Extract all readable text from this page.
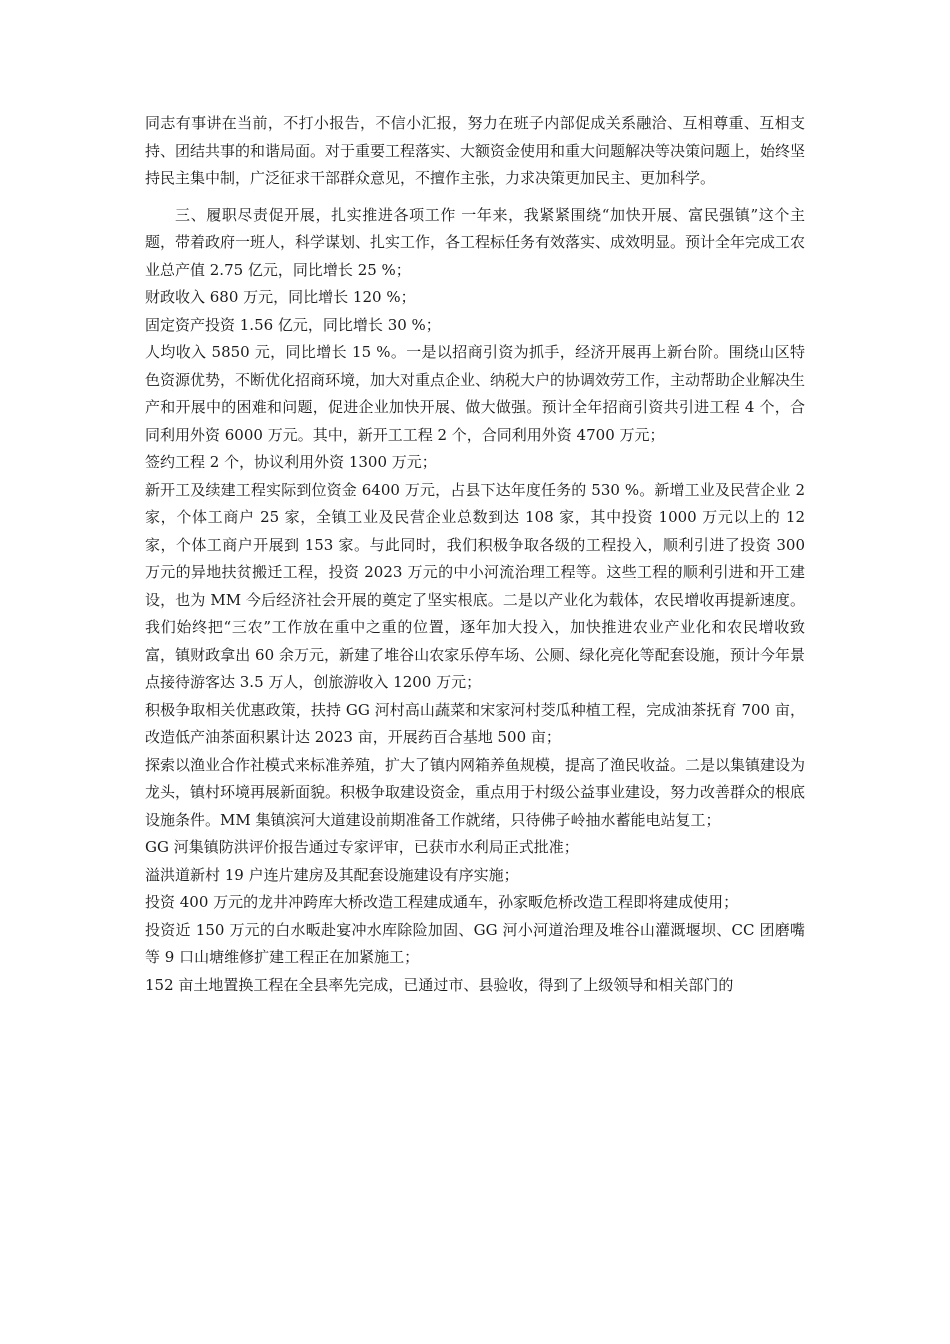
同志有事讲在当前，不打小报告，不信小汇报，努力在班子内部促成关系融洽、互相尊重、互相支持、团结共事的和谐局面。对于重要工程落实、大额资金使用和重大问题解决等决策问题上，始终坚持民主集中制，广泛征求干部群众意见，不擅作主张，力求决策更加民主、更加科学。

三、履职尽责促开展，扎实推进各项工作 一年来，我紧紧围绕“加快开展、富民强镇”这个主题，带着政府一班人，科学谋划、扎实工作，各工程标任务有效落实、成效明显。预计全年完成工农业总产值 2.75 亿元，同比增长 25 %；

财政收入 680 万元，同比增长 120 %；

固定资产投资 1.56 亿元，同比增长 30 %；

人均收入 5850 元，同比增长 15 %。一是以招商引资为抓手，经济开展再上新台阶。围绕山区特色资源优势，不断优化招商环境，加大对重点企业、纳税大户的协调效劳工作，主动帮助企业解决生产和开展中的困难和问题，促进企业加快开展、做大做强。预计全年招商引资共引进工程 4 个，合同利用外资 6000 万元。其中，新开工工程 2 个，合同利用外资 4700 万元；

签约工程 2 个，协议利用外资 1300 万元；

新开工及续建工程实际到位资金 6400 万元，占县下达年度任务的 530 %。新增工业及民营企业 2 家，个体工商户 25 家，全镇工业及民营企业总数到达 108 家，其中投资 1000 万元以上的 12 家，个体工商户开展到 153 家。与此同时，我们积极争取各级的工程投入，顺利引进了投资 300 万元的异地扶贫搬迁工程，投资 2023 万元的中小河流治理工程等。这些工程的顺利引进和开工建设，也为 MM 今后经济社会开展的奠定了坚实根底。二是以产业化为载体，农民增收再提新速度。我们始终把“三农”工作放在重中之重的位置，逐年加大投入，加快推进农业产业化和农民增收致富，镇财政拿出 60 余万元，新建了堆谷山农家乐停车场、公厕、绿化亮化等配套设施，预计今年景点接待游客达 3.5 万人，创旅游收入 1200 万元；

积极争取相关优惠政策，扶持 GG 河村高山蔬菜和宋家河村茭瓜种植工程，完成油茶抚育 700 亩，改造低产油茶面积累计达 2023 亩，开展药百合基地 500 亩；

探索以渔业合作社模式来标准养殖，扩大了镇内网箱养鱼规模，提高了渔民收益。二是以集镇建设为龙头，镇村环境再展新面貌。积极争取建设资金，重点用于村级公益事业建设，努力改善群众的根底设施条件。MM 集镇滨河大道建设前期准备工作就绪，只待佛子岭抽水蓄能电站复工；

GG 河集镇防洪评价报告通过专家评审，已获市水利局正式批准；

溢洪道新村 19 户连片建房及其配套设施建设有序实施；

投资 400 万元的龙井冲跨库大桥改造工程建成通车，孙家畈危桥改造工程即将建成使用；

投资近 150 万元的白水畈赴宴冲水库除险加固、GG 河小河道治理及堆谷山灌溉堰坝、CC 团磨嘴等 9 口山塘维修扩建工程正在加紧施工；

152 亩土地置换工程在全县率先完成，已通过市、县验收，得到了上级领导和相关部门的
